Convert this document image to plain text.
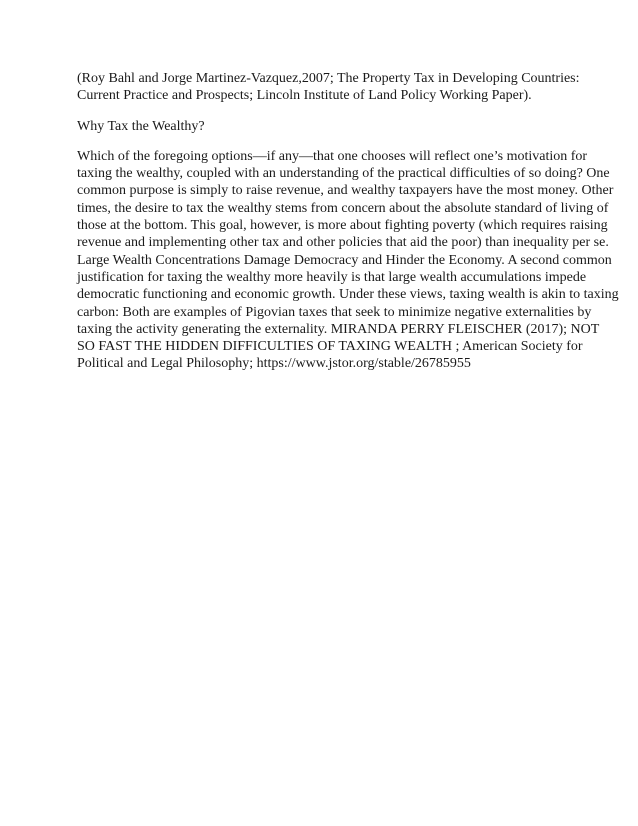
(Roy Bahl and Jorge Martinez-Vazquez,2007; The Property Tax in Developing Countries:
Current Practice and Prospects; Lincoln Institute of Land Policy Working Paper).

Why Tax the Wealthy?

Which of the foregoing options—if any—that one chooses will reflect one’s motivation for
taxing the wealthy, coupled with an understanding of the practical difficulties of so doing? One
common purpose is simply to raise revenue, and wealthy taxpayers have the most money. Other
times, the desire to tax the wealthy stems from concern about the absolute standard of living of
those at the bottom. This goal, however, is more about fighting poverty (which requires raising
revenue and implementing other tax and other policies that aid the poor) than inequality per se.
Large Wealth Concentrations Damage Democracy and Hinder the Economy. A second common
justification for taxing the wealthy more heavily is that large wealth accumulations impede
democratic functioning and economic growth. Under these views, taxing wealth is akin to taxing
carbon: Both are examples of Pigovian taxes that seek to minimize negative externalities by
taxing the activity generating the externality. MIRANDA PERRY FLEISCHER (2017); NOT
SO FAST THE HIDDEN DIFFICULTIES OF TAXING WEALTH ; American Society for
Political and Legal Philosophy; https://www.jstor.org/stable/26785955
